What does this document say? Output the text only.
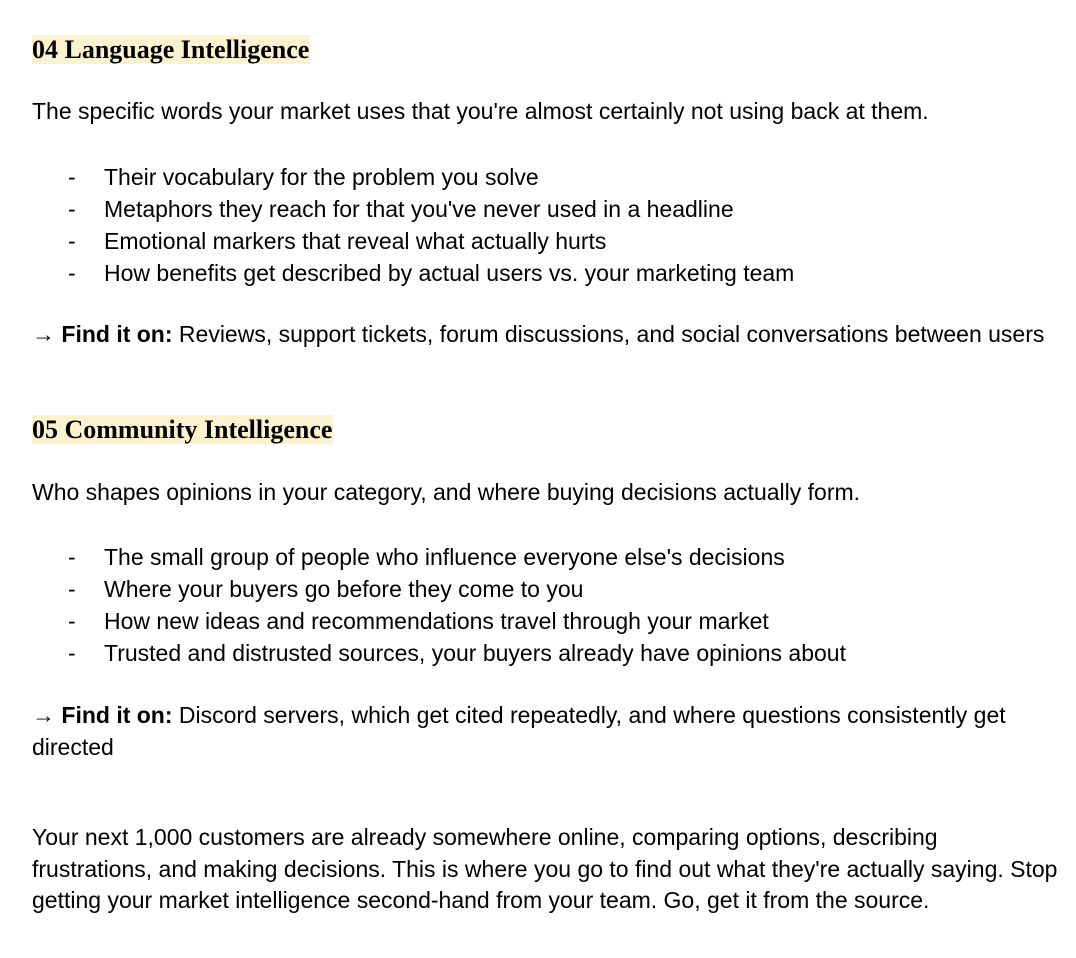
04 Language Intelligence

The specific words your market uses that you're almost certainly not using back at them.

- Their vocabulary for the problem you solve
- Metaphors they reach for that you've never used in a headline
- Emotional markers that reveal what actually hurts
- How benefits get described by actual users vs. your marketing team

→ Find it on: Reviews, support tickets, forum discussions, and social conversations between users

05 Community Intelligence

Who shapes opinions in your category, and where buying decisions actually form.

- The small group of people who influence everyone else's decisions
- Where your buyers go before they come to you
- How new ideas and recommendations travel through your market
- Trusted and distrusted sources, your buyers already have opinions about

→ Find it on: Discord servers, which get cited repeatedly, and where questions consistently get directed

Your next 1,000 customers are already somewhere online, comparing options, describing frustrations, and making decisions. This is where you go to find out what they're actually saying. Stop getting your market intelligence second-hand from your team. Go, get it from the source.
